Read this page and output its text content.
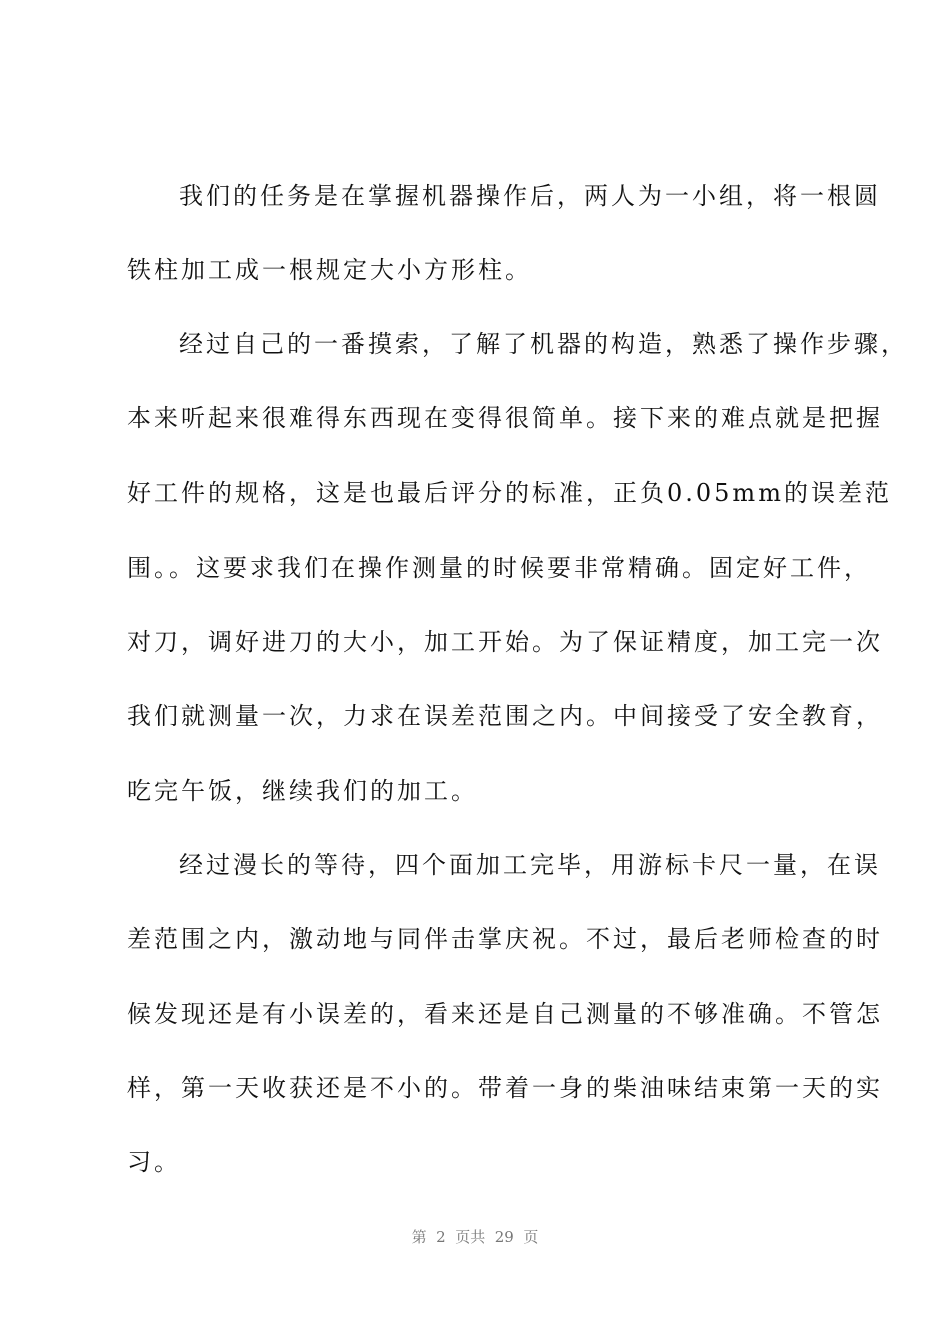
我们的任务是在掌握机器操作后，两人为一小组，将一根圆
铁柱加工成一根规定大小方形柱。
经过自己的一番摸索，了解了机器的构造，熟悉了操作步骤，
本来听起来很难得东西现在变得很简单。接下来的难点就是把握
好工件的规格，这是也最后评分的标准，正负0.05mm的误差范
围。。这要求我们在操作测量的时候要非常精确。固定好工件，
对刀，调好进刀的大小，加工开始。为了保证精度，加工完一次
我们就测量一次，力求在误差范围之内。中间接受了安全教育，
吃完午饭，继续我们的加工。
经过漫长的等待，四个面加工完毕，用游标卡尺一量，在误
差范围之内，激动地与同伴击掌庆祝。不过，最后老师检查的时
候发现还是有小误差的，看来还是自己测量的不够准确。不管怎
样，第一天收获还是不小的。带着一身的柴油味结束第一天的实
习。
第  2  页共  29  页
